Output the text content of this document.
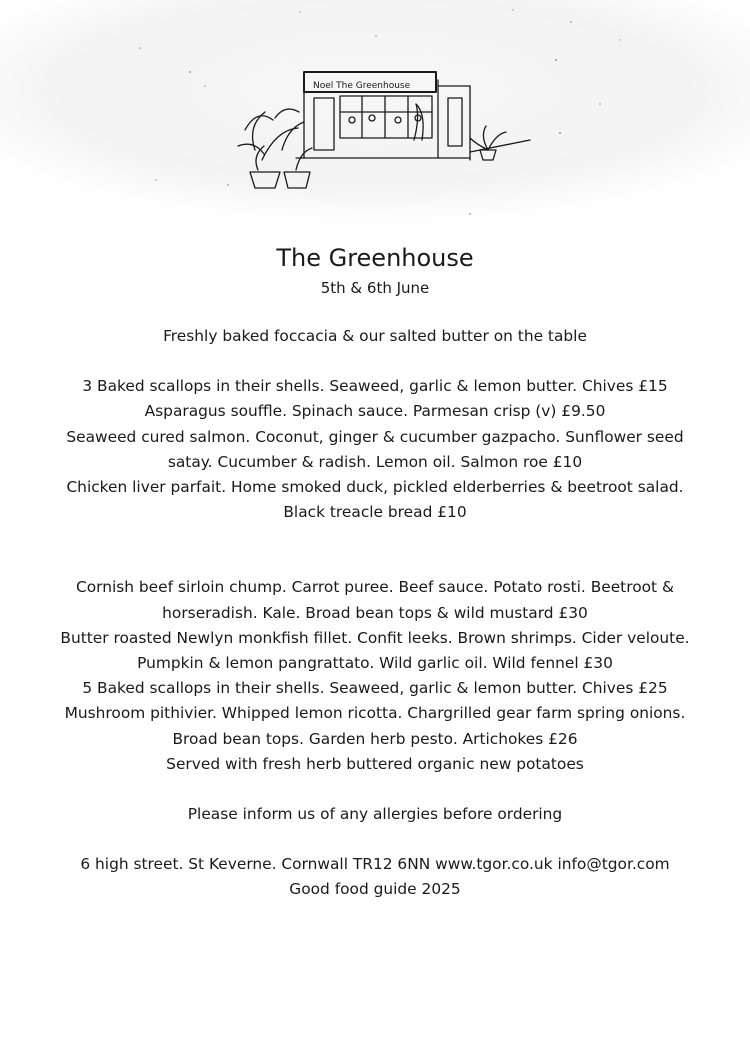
Noel The Greenhouse
The Greenhouse
5th & 6th June
Freshly baked foccacia & our salted butter on the table
3 Baked scallops in their shells. Seaweed, garlic & lemon butter. Chives £15
Asparagus souffle. Spinach sauce. Parmesan crisp (v) £9.50
Seaweed cured salmon. Coconut, ginger & cucumber gazpacho. Sunflower seed
satay. Cucumber & radish. Lemon oil. Salmon roe £10
Chicken liver parfait. Home smoked duck, pickled elderberries & beetroot salad.
Black treacle bread £10
Cornish beef sirloin chump. Carrot puree. Beef sauce. Potato rosti. Beetroot &
horseradish. Kale. Broad bean tops & wild mustard £30
Butter roasted Newlyn monkfish fillet. Confit leeks. Brown shrimps. Cider veloute.
Pumpkin & lemon pangrattato. Wild garlic oil. Wild fennel £30
5 Baked scallops in their shells. Seaweed, garlic & lemon butter. Chives £25
Mushroom pithivier. Whipped lemon ricotta. Chargrilled gear farm spring onions.
Broad bean tops. Garden herb pesto. Artichokes £26
Served with fresh herb buttered organic new potatoes
Please inform us of any allergies before ordering
6 high street. St Keverne. Cornwall TR12 6NN www.tgor.co.uk info@tgor.com
Good food guide 2025
